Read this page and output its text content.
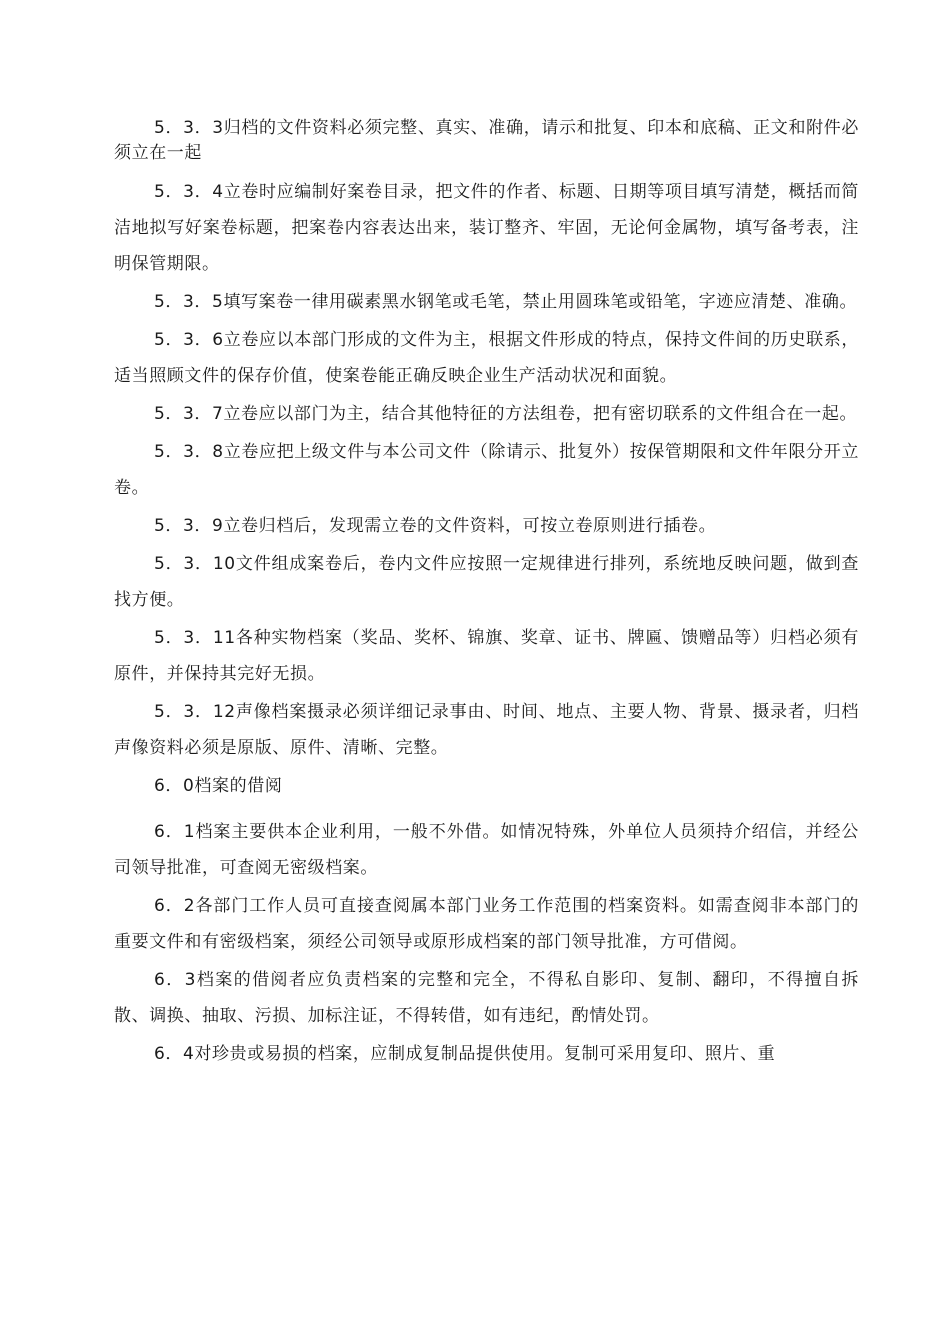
5．3．3归档的文件资料必须完整、真实、准确，请示和批复、印本和底稿、正文和附件必须立在一起

5．3．4立卷时应编制好案卷目录，把文件的作者、标题、日期等项目填写清楚，概括而简洁地拟写好案卷标题，把案卷内容表达出来，装订整齐、牢固，无论何金属物，填写备考表，注明保管期限。

5．3．5填写案卷一律用碳素黑水钢笔或毛笔，禁止用圆珠笔或铅笔，字迹应清楚、准确。

5．3．6立卷应以本部门形成的文件为主，根据文件形成的特点，保持文件间的历史联系，适当照顾文件的保存价值，使案卷能正确反映企业生产活动状况和面貌。

5．3．7立卷应以部门为主，结合其他特征的方法组卷，把有密切联系的文件组合在一起。

5．3．8立卷应把上级文件与本公司文件（除请示、批复外）按保管期限和文件年限分开立卷。

5．3．9立卷归档后，发现需立卷的文件资料，可按立卷原则进行插卷。

5．3．10文件组成案卷后，卷内文件应按照一定规律进行排列，系统地反映问题，做到查找方便。

5．3．11各种实物档案（奖品、奖杯、锦旗、奖章、证书、牌匾、馈赠品等）归档必须有原件，并保持其完好无损。

5．3．12声像档案摄录必须详细记录事由、时间、地点、主要人物、背景、摄录者，归档声像资料必须是原版、原件、清晰、完整。

6．0档案的借阅

6．1档案主要供本企业利用，一般不外借。如情况特殊，外单位人员须持介绍信，并经公司领导批准，可查阅无密级档案。

6．2各部门工作人员可直接查阅属本部门业务工作范围的档案资料。如需查阅非本部门的重要文件和有密级档案，须经公司领导或原形成档案的部门领导批准，方可借阅。

6．3档案的借阅者应负责档案的完整和完全，不得私自影印、复制、翻印，不得擅自拆散、调换、抽取、污损、加标注证，不得转借，如有违纪，酌情处罚。

6．4对珍贵或易损的档案，应制成复制品提供使用。复制可采用复印、照片、重
